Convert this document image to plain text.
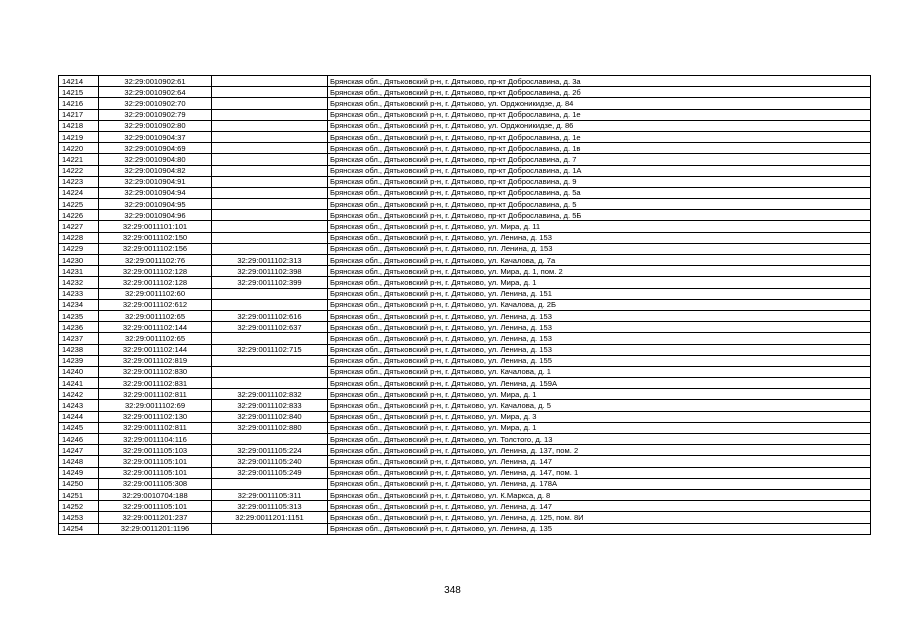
14214	32:29:0010902:61		Брянская обл., Дятьковский р-н, г. Дятьково, пр-кт Доброславина, д. 3а
14215	32:29:0010902:64		Брянская обл., Дятьковский р-н, г. Дятьково, пр-кт Доброславина, д. 2б
14216	32:29:0010902:70		Брянская обл., Дятьковский р-н, г. Дятьково, ул. Орджоникидзе, д. 84
14217	32:29:0010902:79		Брянская обл., Дятьковский р-н, г. Дятьково, пр-кт Доброславина, д. 1е
14218	32:29:0010902:80		Брянская обл., Дятьковский р-н, г. Дятьково, ул. Орджоникидзе, д. 86
14219	32:29:0010904:37		Брянская обл., Дятьковский р-н, г. Дятьково, пр-кт Доброславина, д. 1е
14220	32:29:0010904:69		Брянская обл., Дятьковский р-н, г. Дятьково, пр-кт Доброславина, д. 1в
14221	32:29:0010904:80		Брянская обл., Дятьковский р-н, г. Дятьково, пр-кт Доброславина, д. 7
14222	32:29:0010904:82		Брянская обл., Дятьковский р-н, г. Дятьково, пр-кт Доброславина, д. 1А
14223	32:29:0010904:91		Брянская обл., Дятьковский р-н, г. Дятьково, пр-кт Доброславина, д. 9
14224	32:29:0010904:94		Брянская обл., Дятьковский р-н, г. Дятьково, пр-кт Доброславина, д. 5а
14225	32:29:0010904:95		Брянская обл., Дятьковский р-н, г. Дятьково, пр-кт Доброславина, д. 5
14226	32:29:0010904:96		Брянская обл., Дятьковский р-н, г. Дятьково, пр-кт Доброславина, д. 5Б
14227	32:29:0011101:101		Брянская обл., Дятьковский р-н, г. Дятьково, ул. Мира, д. 11
14228	32:29:0011102:150		Брянская обл., Дятьковский р-н, г. Дятьково, ул. Ленина, д. 153
14229	32:29:0011102:156		Брянская обл., Дятьковский р-н, г. Дятьково, пл. Ленина, д. 153
14230	32:29:0011102:76	32:29:0011102:313	Брянская обл., Дятьковский р-н, г. Дятьково, ул. Качалова, д. 7а
14231	32:29:0011102:128	32:29:0011102:398	Брянская обл., Дятьковский р-н, г. Дятьково, ул. Мира, д. 1, пом. 2
14232	32:29:0011102:128	32:29:0011102:399	Брянская обл., Дятьковский р-н, г. Дятьково, ул. Мира, д. 1
14233	32:29:0011102:60		Брянская обл., Дятьковский р-н, г. Дятьково, ул. Ленина, д. 151
14234	32:29:0011102:612		Брянская обл., Дятьковский р-н, г. Дятьково, ул. Качалова, д. 2Б
14235	32:29:0011102:65	32:29:0011102:616	Брянская обл., Дятьковский р-н, г. Дятьково, ул. Ленина, д. 153
14236	32:29:0011102:144	32:29:0011102:637	Брянская обл., Дятьковский р-н, г. Дятьково, ул. Ленина, д. 153
14237	32:29:0011102:65		Брянская обл., Дятьковский р-н, г. Дятьково, ул. Ленина, д. 153
14238	32:29:0011102:144	32:29:0011102:715	Брянская обл., Дятьковский р-н, г. Дятьково, ул. Ленина, д. 153
14239	32:29:0011102:819		Брянская обл., Дятьковский р-н, г. Дятьково, ул. Ленина, д. 155
14240	32:29:0011102:830		Брянская обл., Дятьковский р-н, г. Дятьково, ул. Качалова, д. 1
14241	32:29:0011102:831		Брянская обл., Дятьковский р-н, г. Дятьково, ул. Ленина, д. 159А
14242	32:29:0011102:811	32:29:0011102:832	Брянская обл., Дятьковский р-н, г. Дятьково, ул. Мира, д. 1
14243	32:29:0011102:69	32:29:0011102:833	Брянская обл., Дятьковский р-н, г. Дятьково, ул. Качалова, д. 5
14244	32:29:0011102:130	32:29:0011102:840	Брянская обл., Дятьковский р-н, г. Дятьково, ул. Мира, д. 3
14245	32:29:0011102:811	32:29:0011102:880	Брянская обл., Дятьковский р-н, г. Дятьково, ул. Мира, д. 1
14246	32:29:0011104:116		Брянская обл., Дятьковский р-н, г. Дятьково, ул. Толстого, д. 13
14247	32:29:0011105:103	32:29:0011105:224	Брянская обл., Дятьковский р-н, г. Дятьково, ул. Ленина, д. 137, пом. 2
14248	32:29:0011105:101	32:29:0011105:240	Брянская обл., Дятьковский р-н, г. Дятьково, ул. Ленина, д. 147
14249	32:29:0011105:101	32:29:0011105:249	Брянская обл., Дятьковский р-н, г. Дятьково, ул. Ленина, д. 147, пом. 1
14250	32:29:0011105:308		Брянская обл., Дятьковский р-н, г. Дятьково, ул. Ленина, д. 178А
14251	32:29:0010704:188	32:29:0011105:311	Брянская обл., Дятьковский р-н, г. Дятьково, ул. К.Маркса, д. 8
14252	32:29:0011105:101	32:29:0011105:313	Брянская обл., Дятьковский р-н, г. Дятьково, ул. Ленина, д. 147
14253	32:29:0011201:237	32:29:0011201:1151	Брянская обл., Дятьковский р-н, г. Дятьково, ул. Ленина, д. 125, пом. 8И
14254	32:29:0011201:1196		Брянская обл., Дятьковский р-н, г. Дятьково, ул. Ленина, д. 135
348
